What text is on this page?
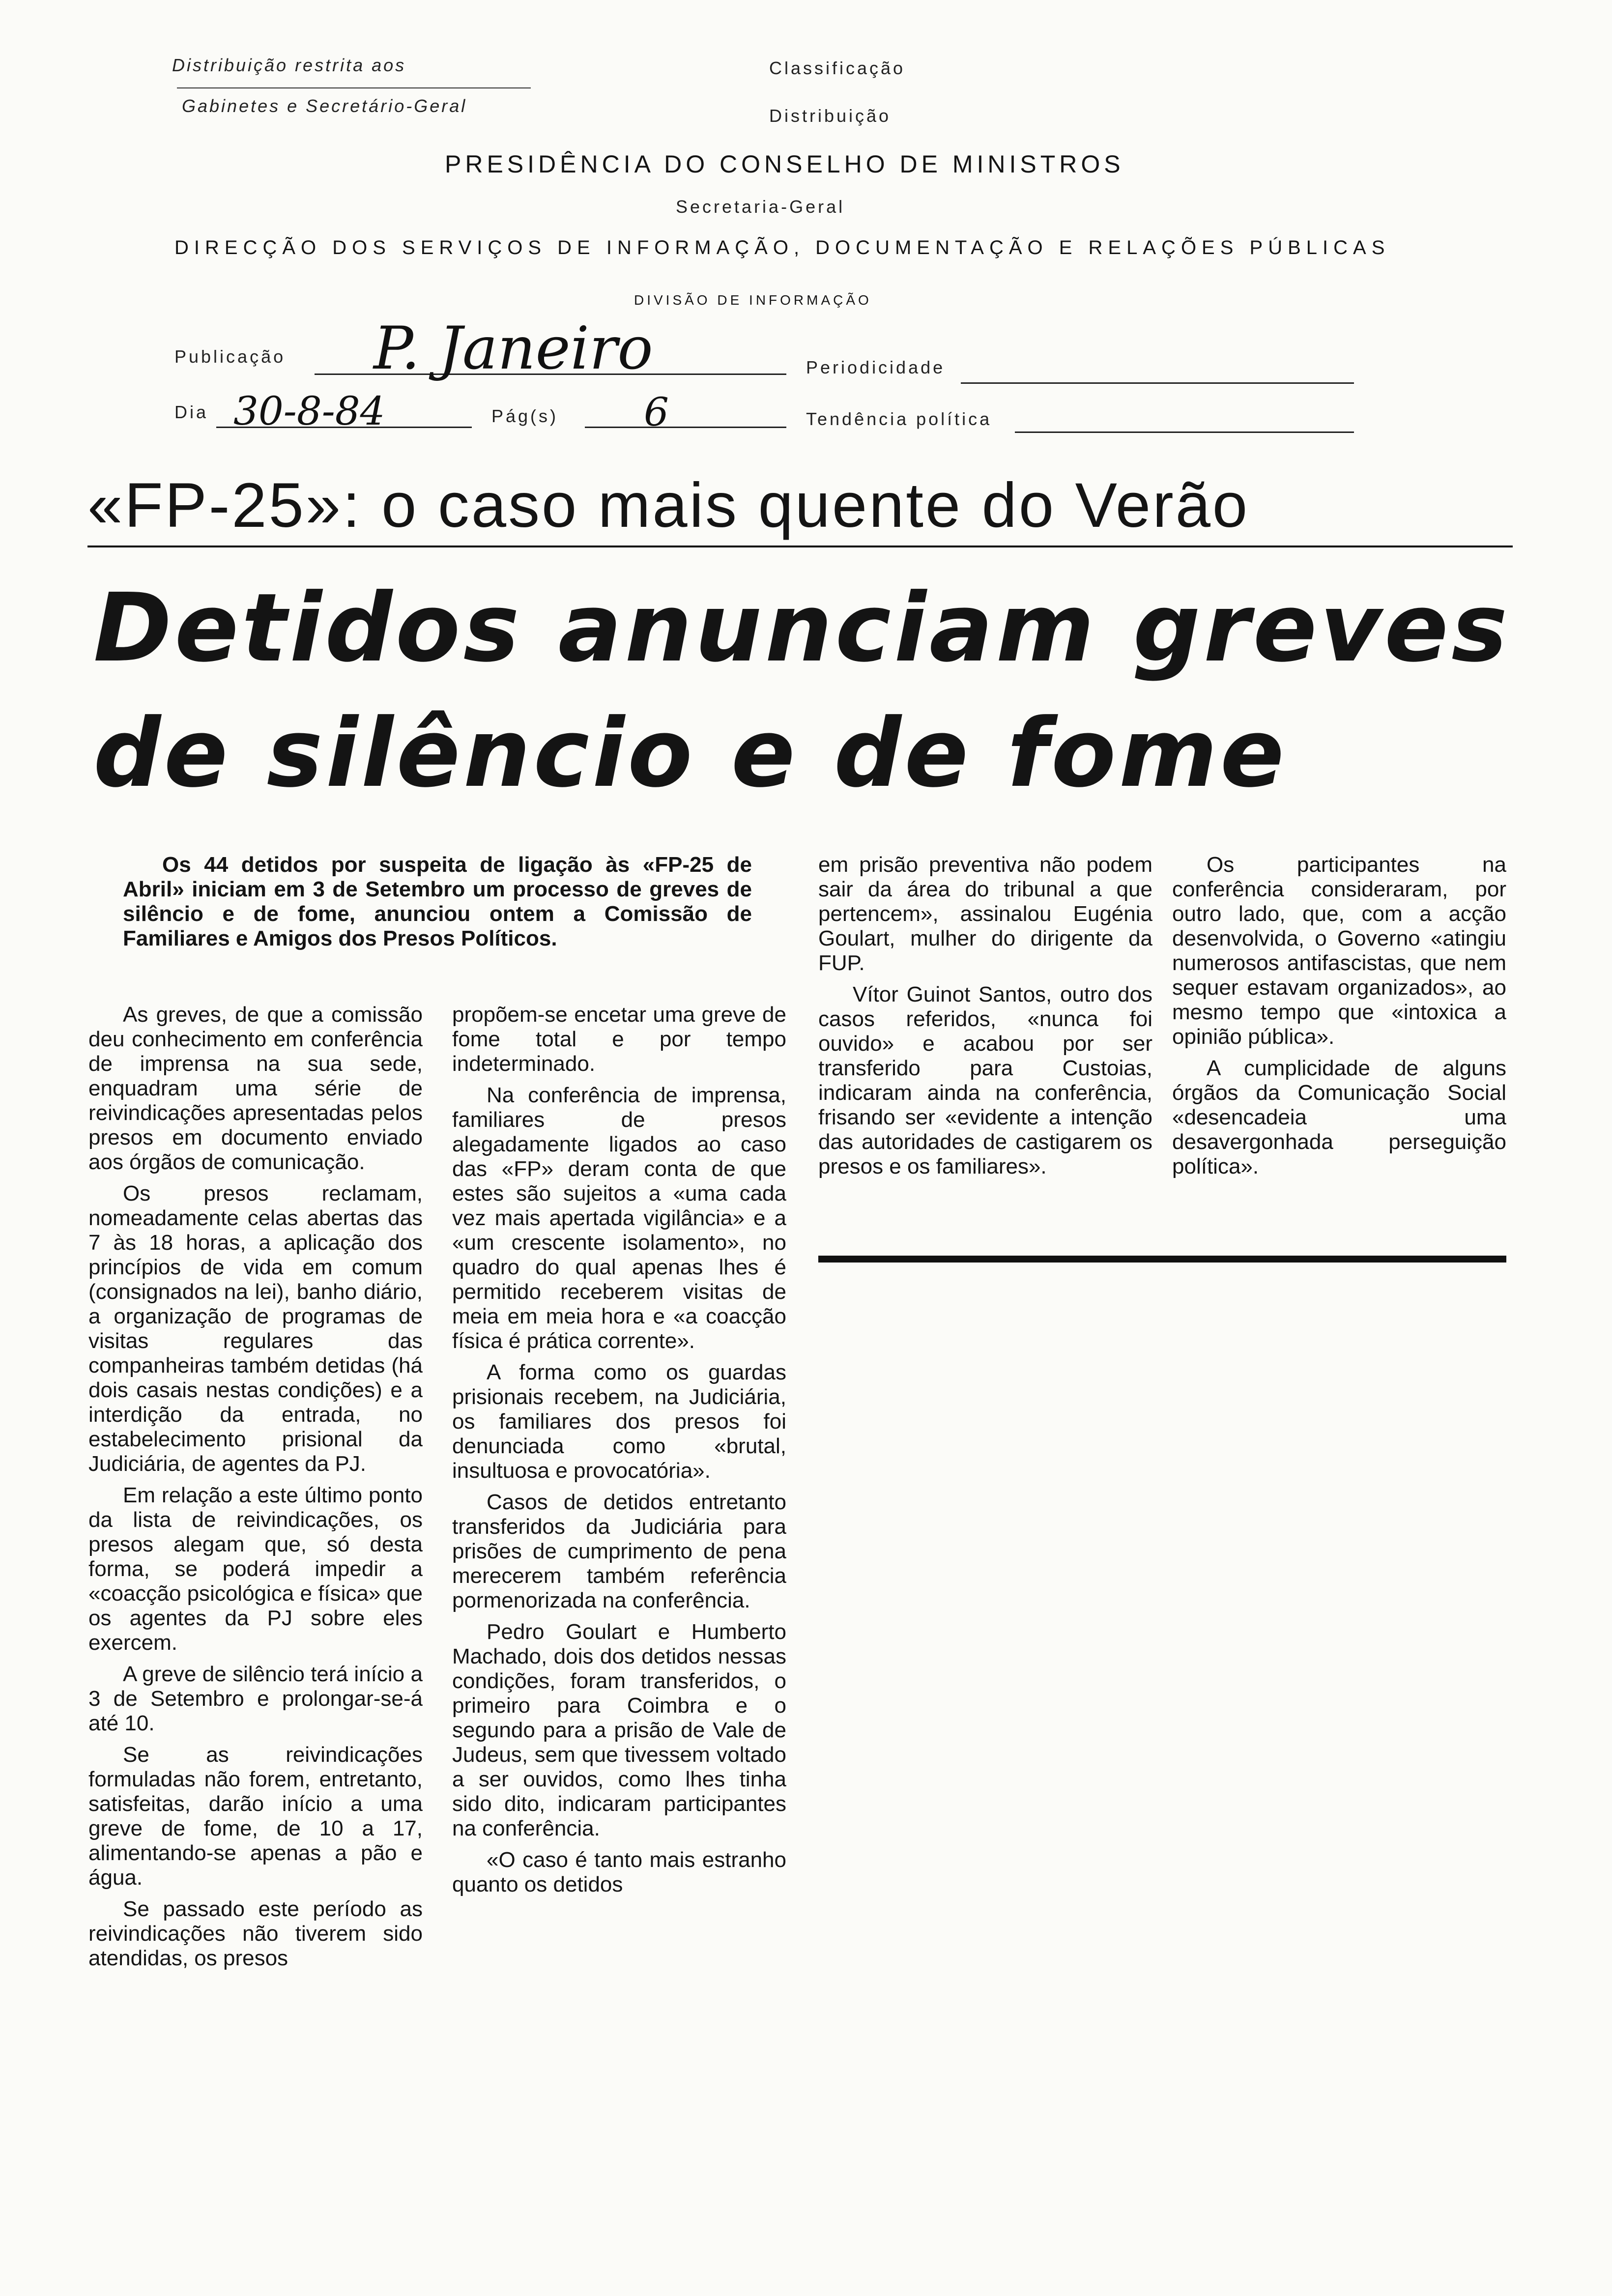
Distribuição restrita aos
Gabinetes e Secretário-Geral
Classificação
Distribuição
PRESIDÊNCIA DO CONSELHO DE MINISTROS
Secretaria-Geral
DIRECÇÃO DOS SERVIÇOS DE INFORMAÇÃO, DOCUMENTAÇÃO E RELAÇÕES PÚBLICAS
DIVISÃO DE INFORMAÇÃO
Publicação P. Janeiro	Periodicidade
Dia 30-8-84	Pág(s) 6	Tendência política
«FP-25»: o caso mais quente do Verão
Detidos anunciam greves
de silêncio e de fome
Os 44 detidos por suspeita de ligação às «FP-25 de Abril» iniciam em 3 de Setembro um processo de greves de silêncio e de fome, anunciou ontem a Comissão de Familiares e Amigos dos Presos Políticos.

As greves, de que a comissão deu conhecimento em conferência de imprensa na sua sede, enquadram uma série de reivindicações apresentadas pelos presos em documento enviado aos órgãos de comunicação.

Os presos reclamam, nomeadamente celas abertas das 7 às 18 horas, a aplicação dos princípios de vida em comum (consignados na lei), banho diário, a organização de programas de visitas regulares das companheiras também detidas (há dois casais nestas condições) e a interdição da entrada, no estabelecimento prisional da Judiciária, de agentes da PJ.

Em relação a este último ponto da lista de reivindicações, os presos alegam que, só desta forma, se poderá impedir a «coacção psicológica e física» que os agentes da PJ sobre eles exercem.

A greve de silêncio terá início a 3 de Setembro e prolongar-se-á até 10.

Se as reivindicações formuladas não forem, entretanto, satisfeitas, darão início a uma greve de fome, de 10 a 17, alimentando-se apenas a pão e água.

Se passado este período as reivindicações não tiverem sido atendidas, os presos

propõem-se encetar uma greve de fome total e por tempo indeterminado.

Na conferência de imprensa, familiares de presos alegadamente ligados ao caso das «FP» deram conta de que estes são sujeitos a «uma cada vez mais apertada vigilância» e a «um crescente isolamento», no quadro do qual apenas lhes é permitido receberem visitas de meia em meia hora e «a coacção física é prática corrente».

A forma como os guardas prisionais recebem, na Judiciária, os familiares dos presos foi denunciada como «brutal, insultuosa e provocatória».

Casos de detidos entretanto transferidos da Judiciária para prisões de cumprimento de pena merecerem também referência pormenorizada na conferência.

Pedro Goulart e Humberto Machado, dois dos detidos nessas condições, foram transferidos, o primeiro para Coimbra e o segundo para a prisão de Vale de Judeus, sem que tivessem voltado a ser ouvidos, como lhes tinha sido dito, indicaram participantes na conferência.

«O caso é tanto mais estranho quanto os detidos

em prisão preventiva não podem sair da área do tribunal a que pertencem», assinalou Eugénia Goulart, mulher do dirigente da FUP.

Vítor Guinot Santos, outro dos casos referidos, «nunca foi ouvido» e acabou por ser transferido para Custoias, indicaram ainda na conferência, frisando ser «evidente a intenção das autoridades de castigarem os presos e os familiares».

Os participantes na conferência consideraram, por outro lado, que, com a acção desenvolvida, o Governo «atingiu numerosos antifascistas, que nem sequer estavam organizados», ao mesmo tempo que «intoxica a opinião pública».

A cumplicidade de alguns órgãos da Comunicação Social «desencadeia uma desavergonhada perseguição política».
